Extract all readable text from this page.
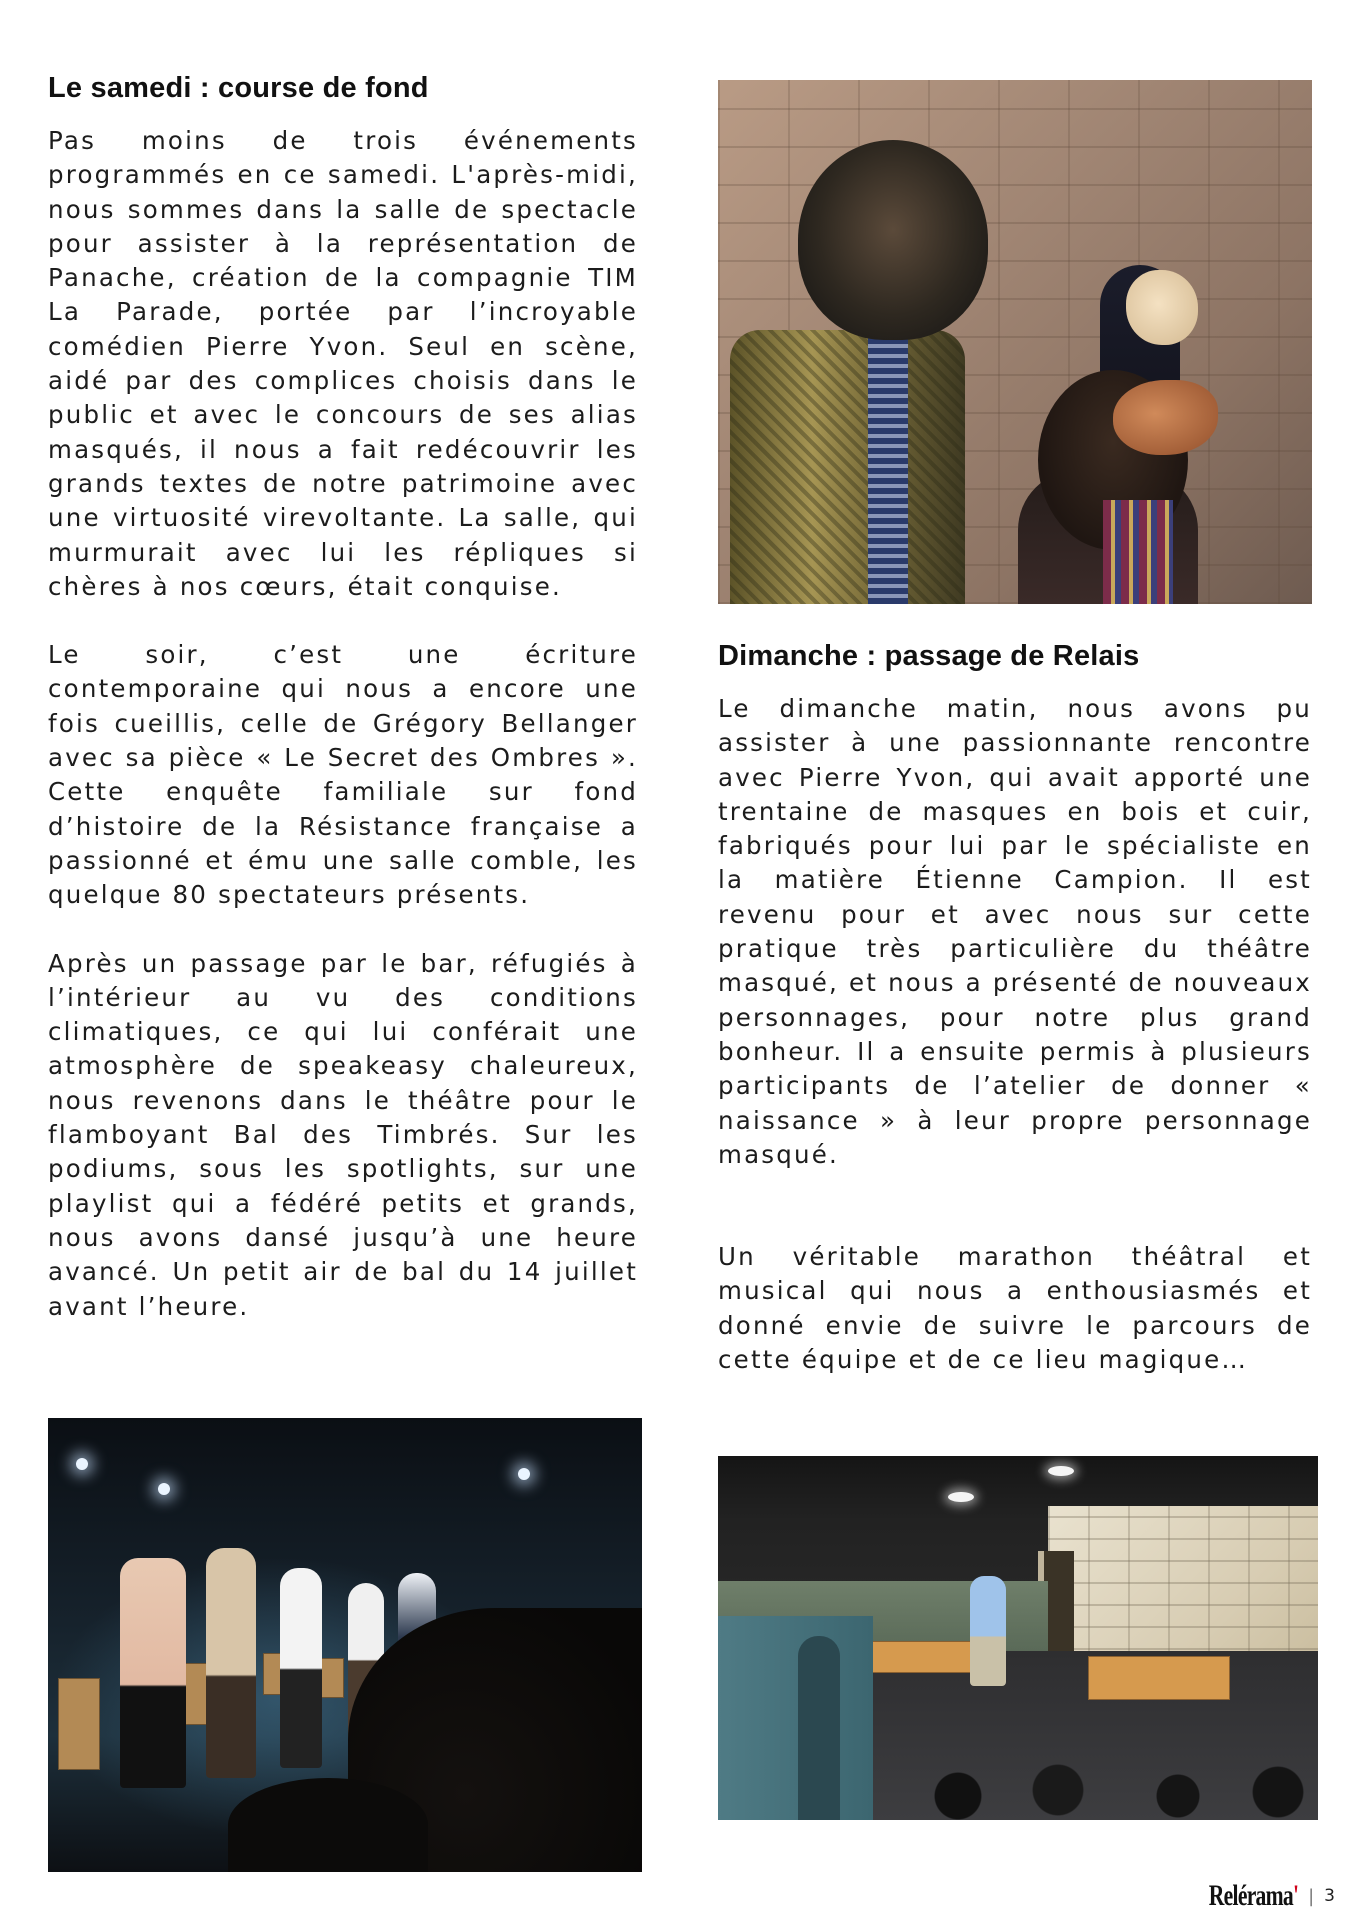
Le samedi : course de fond

Pas moins de trois événements programmés en ce samedi. L'après-midi, nous sommes dans la salle de spectacle pour assister à la représentation de Panache, création de la compagnie TIM La Parade, portée par l’incroyable comédien Pierre Yvon. Seul en scène, aidé par des complices choisis dans le public et avec le concours de ses alias masqués, il nous a fait redécouvrir les grands textes de notre patrimoine avec une virtuosité virevoltante. La salle, qui murmurait avec lui les répliques si chères à nos cœurs, était conquise.

Le soir, c’est une écriture contemporaine qui nous a encore une fois cueillis, celle de Grégory Bellanger avec sa pièce « Le Secret des Ombres ». Cette enquête familiale sur fond d’histoire de la Résistance française a passionné et ému une salle comble, les quelque 80 spectateurs présents.

Après un passage par le bar, réfugiés à l’intérieur au vu des conditions climatiques, ce qui lui conférait une atmosphère de speakeasy chaleureux, nous revenons dans le théâtre pour le flamboyant Bal des Timbrés. Sur les podiums, sous les spotlights, sur une playlist qui a fédéré petits et grands, nous avons dansé jusqu’à une heure avancé. Un petit air de bal du 14 juillet avant l’heure.

Dimanche : passage de Relais

Le dimanche matin, nous avons pu assister à une passionnante rencontre avec Pierre Yvon, qui avait apporté une trentaine de masques en bois et cuir, fabriqués pour lui par le spécialiste en la matière Étienne Campion. Il est revenu pour et avec nous sur cette pratique très particulière du théâtre masqué, et nous a présenté de nouveaux personnages, pour notre plus grand bonheur. Il a ensuite permis à plusieurs participants de l’atelier de donner « naissance » à leur propre personnage masqué.

Un véritable marathon théâtral et musical qui nous a enthousiasmés et donné envie de suivre le parcours de cette équipe et de ce lieu magique…

Relérama' | 3
